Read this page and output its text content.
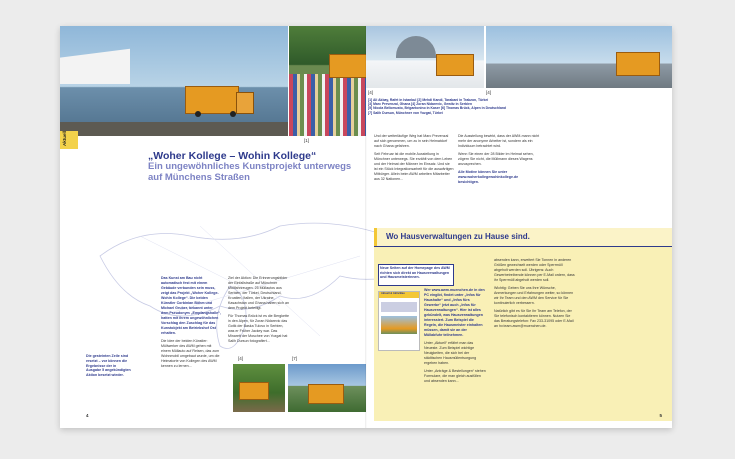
[1]
Aktuell
„Woher Kollege – Wohin Kollege“
Ein ungewöhnliches Kunstprojekt unterwegs auf Münchens Straßen

Das Kunst am Bau nicht automatisch fest mit einem Gebäude verbunden sein muss, zeigt das Projekt „Woher Kollege- Wohin Kollege“. Die beiden Künstler Corbinian Böhm und Michael Gruber, bekannt unter dem Pseudonym „Empfangshalle“, hatten mit ihrem ungewöhnlichen Vorschlag den Zuschlag für das Kunstobjekt am Betriebshof Ost erhalten.

Die Idee der beiden Künstler: Müllwerker des AWM gehen mit einem Müllauto auf Reisen, das zum Wohnmobil umgebaut wurde, um die Heimatorte von Kollegen des AWM kennen zu lernen...

Ziel der Aktion: Die Erinnerungsbilder der Einfallstraße auf Münchner Müllfahrzeugen. 25 Müllautos aus Serbien, der Türkei, Deutschland, Kroatien, Italien, der Ukraine, Kasachstan und Ghana haben sich an dem Projekt beteiligt.

Für Thomas Brück ist es die Bergkette in den Alpen, für Zoran Nidarevic das Gotik der Baska Tulovo in Serbien, was er Früher Jackey war. Das Minarett der Moschee von Yozgat hat Salih Dursun fotografiert...

Die gesteinten Zeile sind ersetzt – vor können die Ergebnisse der in Ausgabe 5 angekündigten Aktion besetzt wieder.
[4]	[7]
4
[4]	[4]
[1] Ali Akbay, Rafet in Istanbul [2] Mehdi Kandi, Tarabani in Trabzon, Türkei
[3] Marc Prevenzal, Ghana [4] Zoran Nidarevic, Gewitz in Serbien
[5] Nicola Bellomusto, Brigantonino in Kaser [6] Thomas Brück, Alpen in Deutschland
[7] Salih Dursun, Münchner von Yozgat, Türkei

Und der weiterläufige Weg hat Marc Prevenzal auf sich genommen, um zu in sein Heimatdorf nach Ghana gefahren.

Seit Februar ist die mobile Ausstellung in Münchner unterwegs. Sie erzählt von dem Leben und der Heimat der Männer im Einsatz. Und sie ist ein Stück Integrationsarbeit für die auswärtigen Mitbürger. Allein beim AWM arbeiten Mitarbeiter aus 32 Nationen...

Die Ausstellung bewirkt, dass der AWM-mann nicht mehr der anonyme Arbeiter ist, sondern als ein Individuum betrachtet wird.

Wenn Sie einen der 28 Bilder im Heimat sehen, zögern Sie nicht, die Müllmann dieses Wagens anzusprechen.

Alle Motive können Sie unter www.woherkollegewohinkollege.de besichtigen.

Wo Hausverwaltungen zu Hause sind.
Neue Seiten auf der Homepage des AWM richten sich direkt an Hausverwaltungen und Hausmeisterinnen.

Wer www.awm.muenchen.de in den PC eingibt, findet unter „Infos für Haushalte“ und „Infos fürs Gewerbe“ jetzt auch „Infos für Hausverwaltungen“. Hier ist alles gebündelt, was Hausverwaltungen interessiert. Zum Beispiel die Regeln, die Hausmeister einhalten müssen, damit sie an der Müllabfuhr teilnehmen.

Unter „Aktuell“ erfährt man das Neueste. Zum Beispiel wichtige Neuigkeiten, die sich bei der städtischen Hausmüllentsorgung ergeben haben.

Unter „Anträge & Bestellungen“ stehen Formulare, die man gleich ausfüllen und absenden kann...

absenden kann, erweitert Sie Tonnen in anderen Größen gewechselt werden oder Sperrmüll abgeholt werden soll. Übrigens: Auch Gewerbetreibende können per E-Mail ordern, dass ihr Sperrmüll abgeholt werden soll.

Wichtig: Geben Sie uns Ihre Wünsche, Anmerkungen und Erfahrungen weiter, so können wir Ihr Team und den AWM den Service für Sie kontinuierlich verbessern.

Natürlich gibt es für Sie Ihr Team am Telefon, der Sie telefonisch kontaktieren können. Nutzen Sie das Beratungstelefon: Fax 233-31095 oder E-Mail an hv.team.awm@muenchen.de.

Aktuell & Aktiv/Bau
5
